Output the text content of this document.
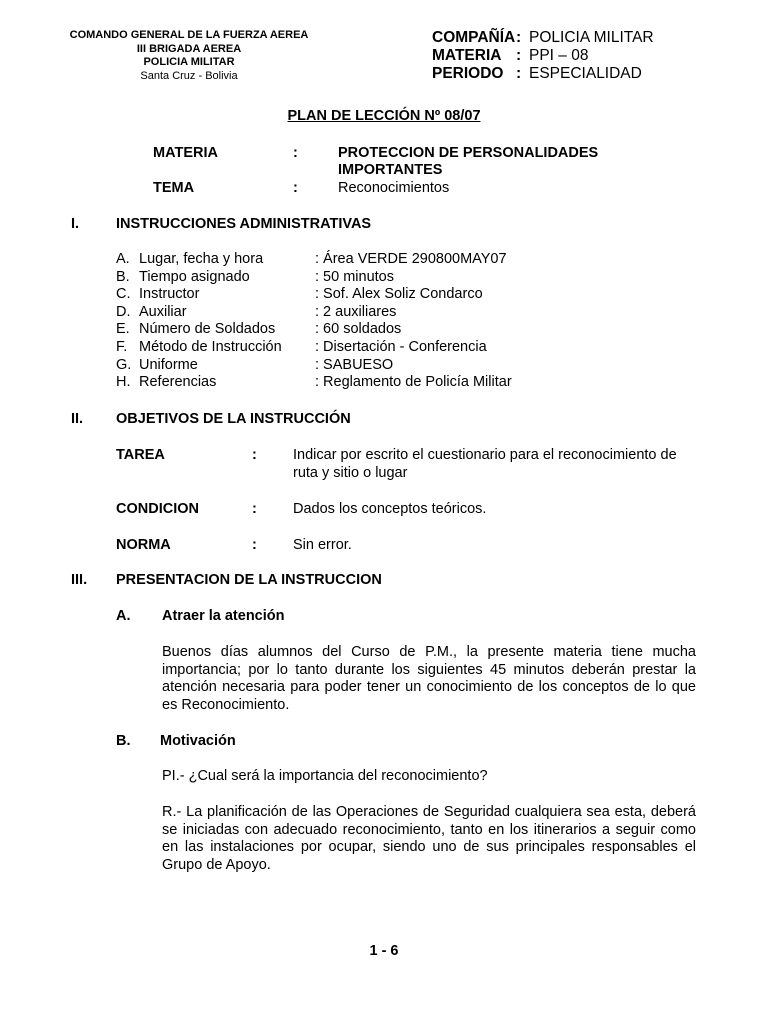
COMANDO GENERAL DE LA FUERZA AEREA
III BRIGADA AEREA
POLICIA MILITAR
Santa Cruz - Bolivia
COMPAÑÍA : POLICIA MILITAR
MATERIA : PPI – 08
PERIODO : ESPECIALIDAD
PLAN DE LECCIÓN Nº 08/07
MATERIA	:	PROTECCION DE PERSONALIDADES
IMPORTANTES
TEMA	:	Reconocimientos
I.	INSTRUCCIONES ADMINISTRATIVAS
A. Lugar, fecha y hora	: Área VERDE 290800MAY07
B. Tiempo asignado	: 50 minutos
C. Instructor	: Sof. Alex Soliz Condarco
D. Auxiliar	: 2 auxiliares
E. Número de Soldados	: 60 soldados
F. Método de Instrucción : Disertación - Conferencia
G. Uniforme	: SABUESO
H. Referencias	: Reglamento de Policía Militar
II. OBJETIVOS DE LA INSTRUCCIÓN
TAREA	: Indicar por escrito el cuestionario para el reconocimiento de ruta y sitio o lugar
CONDICION	: Dados los conceptos teóricos.
NORMA	: Sin error.
III. PRESENTACION DE LA INSTRUCCION
A. Atraer la atención
Buenos días alumnos del Curso de P.M., la presente materia tiene mucha importancia; por lo tanto durante los siguientes 45 minutos deberán prestar la atención necesaria para poder tener un conocimiento de los conceptos de lo que es Reconocimiento.
B. Motivación
PI.- ¿Cual será la importancia del reconocimiento?
R.- La planificación de las Operaciones de Seguridad cualquiera sea esta, deberá se iniciadas con adecuado reconocimiento, tanto en los itinerarios a seguir como en las instalaciones por ocupar, siendo uno de sus principales responsables el Grupo de Apoyo.
1 - 6
